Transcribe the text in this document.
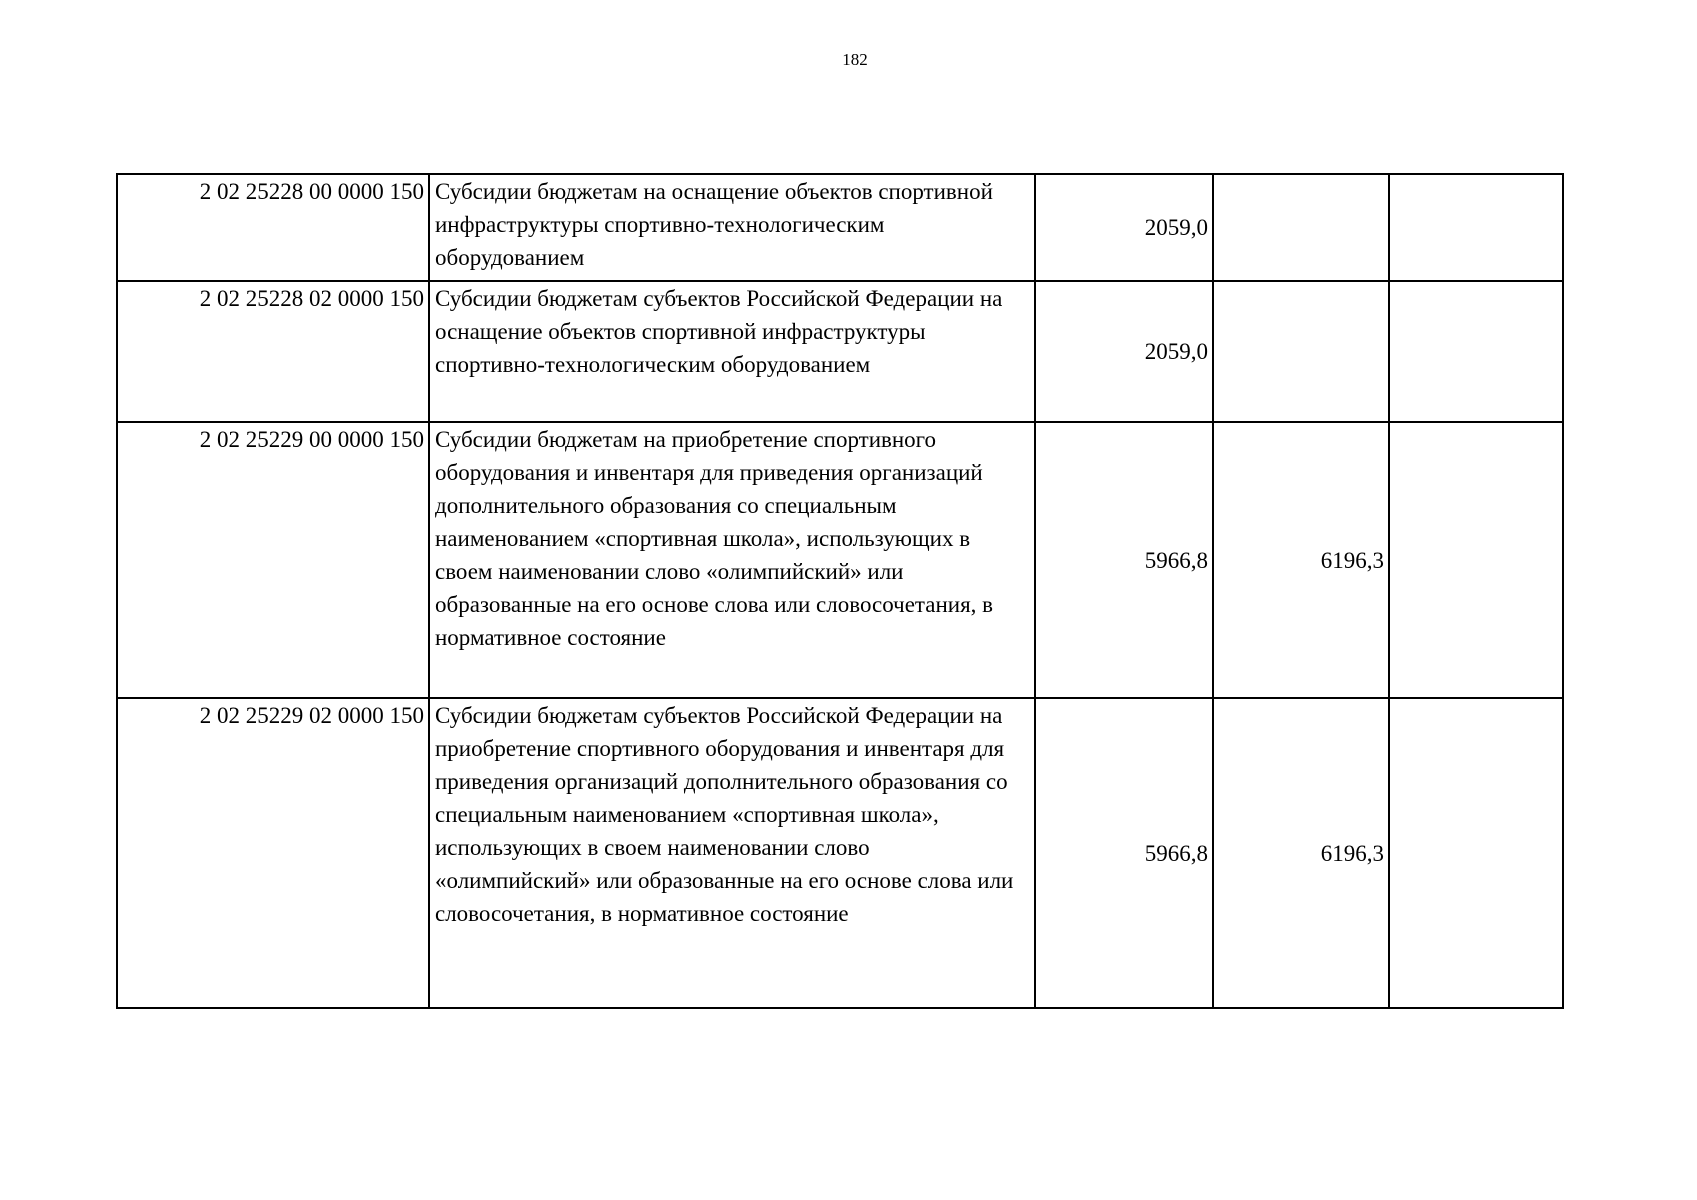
182
2 02 25228 00 0000 150	Субсидии бюджетам на оснащение объектов спортивной инфраструктуры спортивно-технологическим оборудованием	2059,0		
2 02 25228 02 0000 150	Субсидии бюджетам субъектов Российской Федерации на оснащение объектов спортивной инфраструктуры спортивно-технологическим оборудованием	2059,0		
2 02 25229 00 0000 150	Субсидии бюджетам на приобретение спортивного оборудования и инвентаря для приведения организаций дополнительного образования со специальным наименованием «спортивная школа», использующих в своем наименовании слово «олимпийский» или образованные на его основе слова или словосочетания, в нормативное состояние	5966,8	6196,3	
2 02 25229 02 0000 150	Субсидии бюджетам субъектов Российской Федерации на приобретение спортивного оборудования и инвентаря для приведения организаций дополнительного образования со специальным наименованием «спортивная школа», использующих в своем наименовании слово «олимпийский» или образованные на его основе слова или словосочетания, в нормативное состояние	5966,8	6196,3	
